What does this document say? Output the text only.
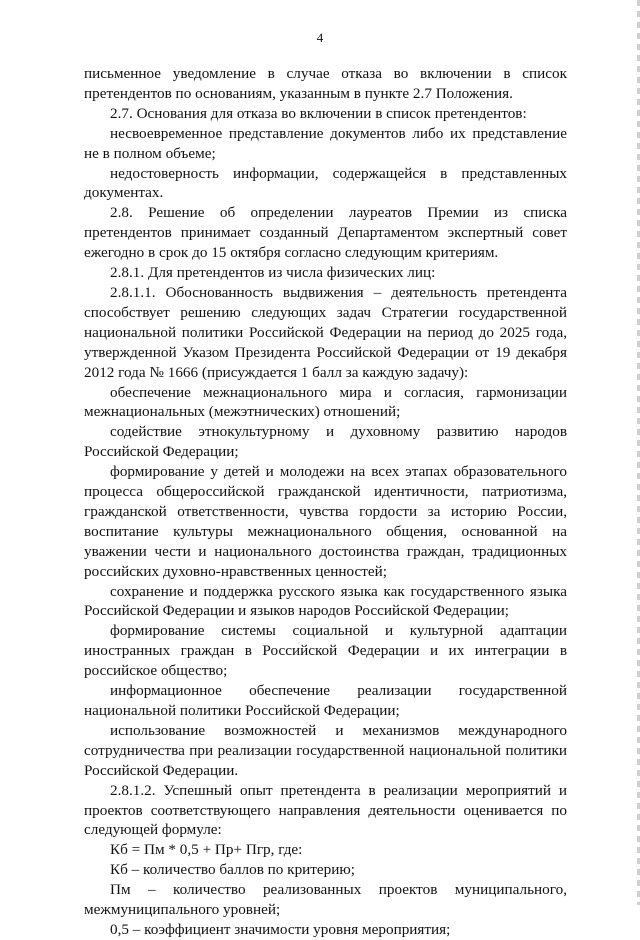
4

письменное уведомление в случае отказа во включении в список претендентов по основаниям, указанным в пункте 2.7 Положения.

2.7. Основания для отказа во включении в список претендентов:

несвоевременное представление документов либо их представление не в полном объеме;

недостоверность информации, содержащейся в представленных документах.

2.8. Решение об определении лауреатов Премии из списка претендентов принимает созданный Департаментом экспертный совет ежегодно в срок до 15 октября согласно следующим критериям.

2.8.1. Для претендентов из числа физических лиц:

2.8.1.1. Обоснованность выдвижения – деятельность претендента способствует решению следующих задач Стратегии государственной национальной политики Российской Федерации на период до 2025 года, утвержденной Указом Президента Российской Федерации от 19 декабря 2012 года № 1666 (присуждается 1 балл за каждую задачу):

обеспечение межнационального мира и согласия, гармонизации межнациональных (межэтнических) отношений;

содействие этнокультурному и духовному развитию народов Российской Федерации;

формирование у детей и молодежи на всех этапах образовательного процесса общероссийской гражданской идентичности, патриотизма, гражданской ответственности, чувства гордости за историю России, воспитание культуры межнационального общения, основанной на уважении чести и национального достоинства граждан, традиционных российских духовно-нравственных ценностей;

сохранение и поддержка русского языка как государственного языка Российской Федерации и языков народов Российской Федерации;

формирование системы социальной и культурной адаптации иностранных граждан в Российской Федерации и их интеграции в российское общество;

информационное обеспечение реализации государственной национальной политики Российской Федерации;

использование возможностей и механизмов международного сотрудничества при реализации государственной национальной политики Российской Федерации.

2.8.1.2. Успешный опыт претендента в реализации мероприятий и проектов соответствующего направления деятельности оценивается по следующей формуле:

Кб = Пм * 0,5 + Пр+ Пгр, где:

Кб – количество баллов по критерию;

Пм – количество реализованных проектов муниципального, межмуниципального уровней;

0,5 – коэффициент значимости уровня мероприятия;
